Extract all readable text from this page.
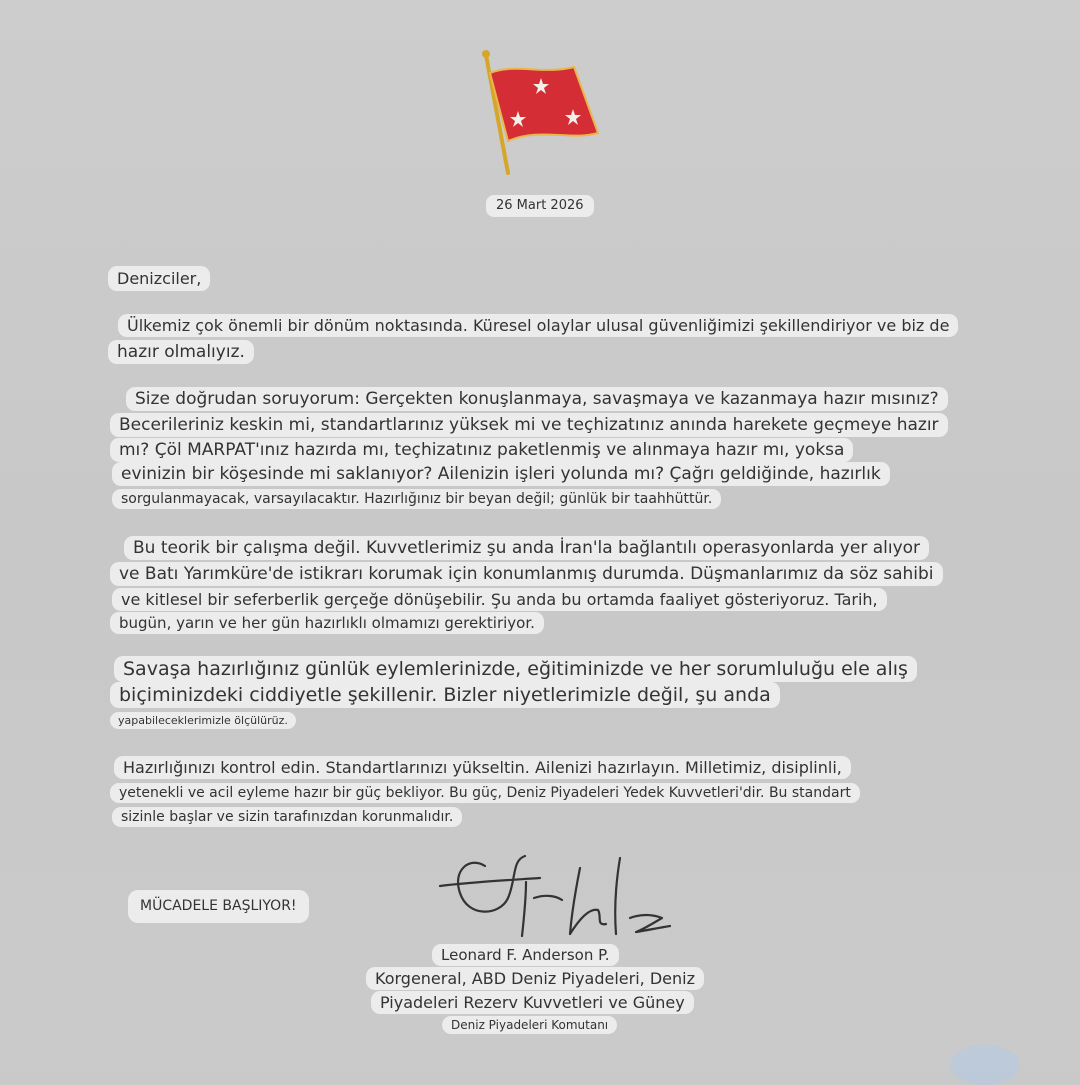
26 Mart 2026
Denizciler,
Ülkemiz çok önemli bir dönüm noktasında. Küresel olaylar ulusal güvenliğimizi şekillendiriyor ve biz de
hazır olmalıyız.
Size doğrudan soruyorum: Gerçekten konuşlanmaya, savaşmaya ve kazanmaya hazır mısınız?
Becerileriniz keskin mi, standartlarınız yüksek mi ve teçhizatınız anında harekete geçmeye hazır
mı? Çöl MARPAT'ınız hazırda mı, teçhizatınız paketlenmiş ve alınmaya hazır mı, yoksa
evinizin bir köşesinde mi saklanıyor? Ailenizin işleri yolunda mı? Çağrı geldiğinde, hazırlık
sorgulanmayacak, varsayılacaktır. Hazırlığınız bir beyan değil; günlük bir taahhüttür.
Bu teorik bir çalışma değil. Kuvvetlerimiz şu anda İran'la bağlantılı operasyonlarda yer alıyor
ve Batı Yarımküre'de istikrarı korumak için konumlanmış durumda. Düşmanlarımız da söz sahibi
ve kitlesel bir seferberlik gerçeğe dönüşebilir. Şu anda bu ortamda faaliyet gösteriyoruz. Tarih,
bugün, yarın ve her gün hazırlıklı olmamızı gerektiriyor.
Savaşa hazırlığınız günlük eylemlerinizde, eğitiminizde ve her sorumluluğu ele alış
biçiminizdeki ciddiyetle şekillenir. Bizler niyetlerimizle değil, şu anda
yapabileceklerimizle ölçülürüz.
Hazırlığınızı kontrol edin. Standartlarınızı yükseltin. Ailenizi hazırlayın. Milletimiz, disiplinli,
yetenekli ve acil eyleme hazır bir güç bekliyor. Bu güç, Deniz Piyadeleri Yedek Kuvvetleri'dir. Bu standart
sizinle başlar ve sizin tarafınızdan korunmalıdır.
MÜCADELE BAŞLIYOR!
Leonard F. Anderson P.
Korgeneral, ABD Deniz Piyadeleri, Deniz
Piyadeleri Rezerv Kuvvetleri ve Güney
Deniz Piyadeleri Komutanı
